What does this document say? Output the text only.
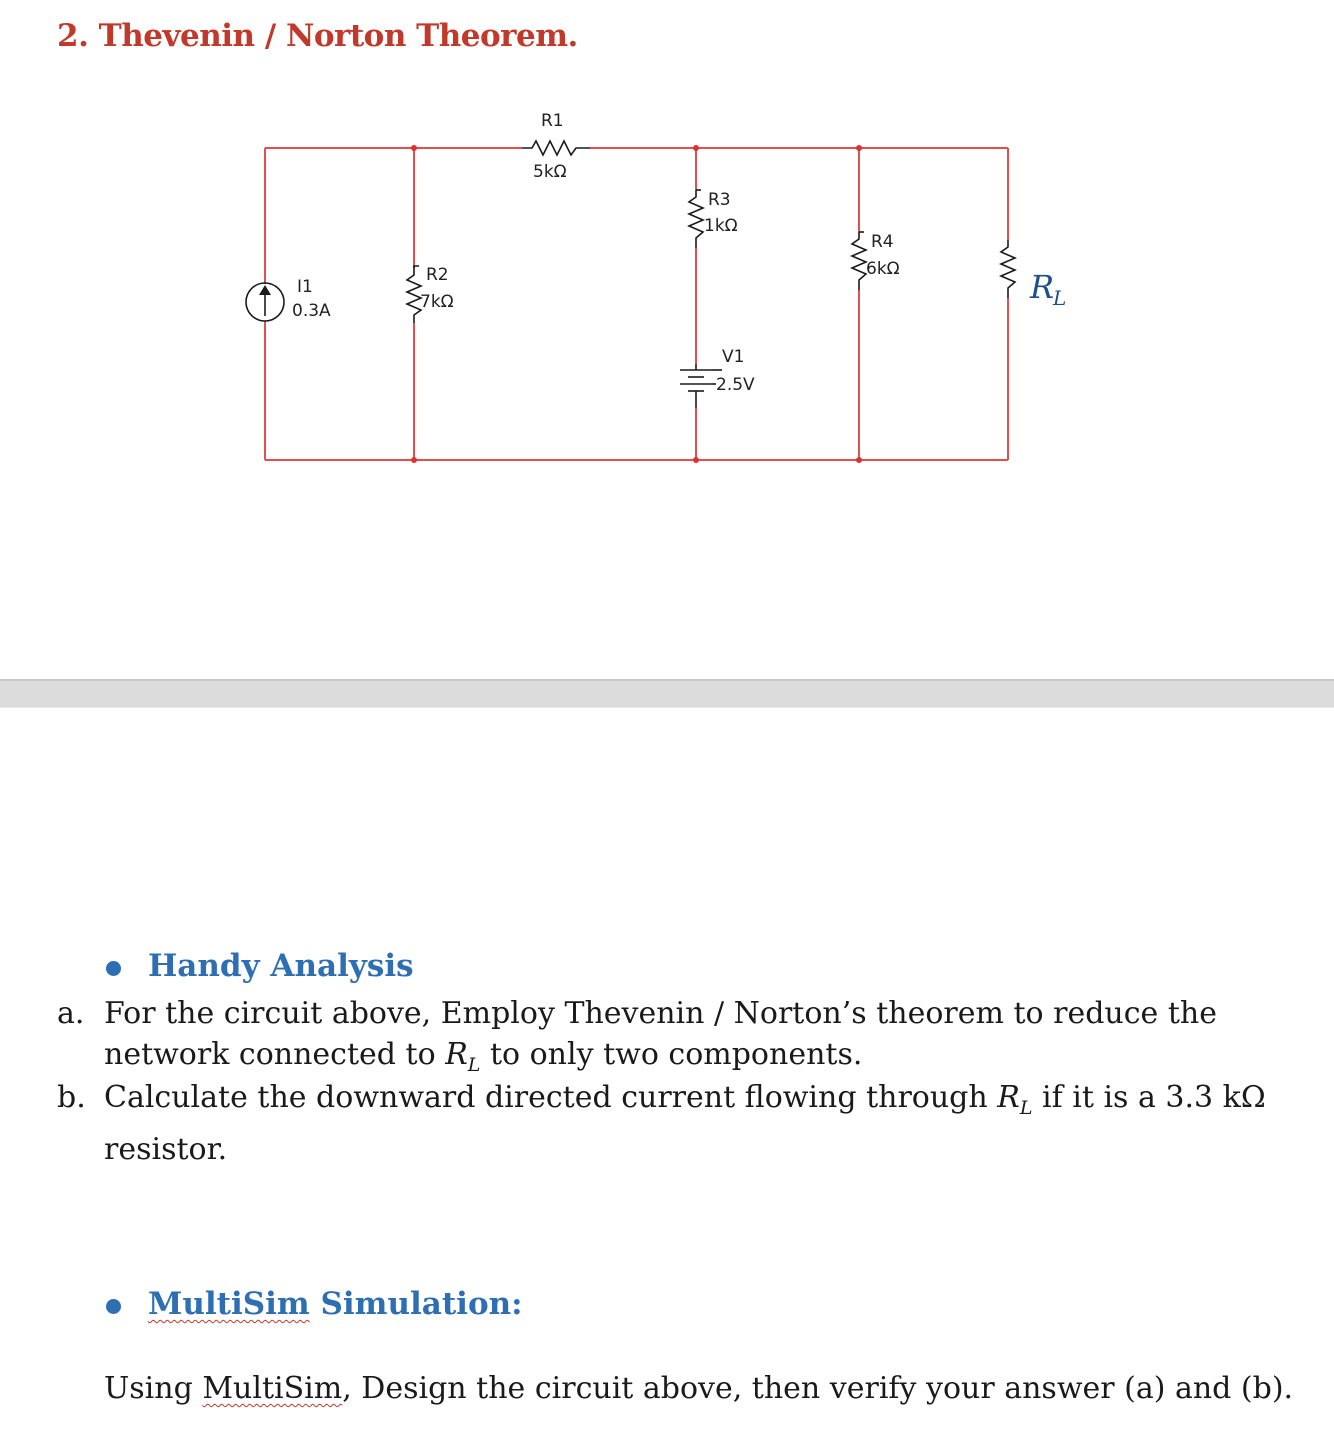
2. Thevenin / Norton Theorem.
I1
0.3A
R1
5kΩ
R2
7kΩ
R3
1kΩ
V1
2.5V
R4
6kΩ	R
L
Handy Analysis
a. For the circuit above, Employ Thevenin / Norton’s theorem to reduce the
network connected to $R_L$ to only two components.
b. Calculate the downward directed current flowing through $R_L$ if it is a 3.3 kΩ
resistor.
MultiSim Simulation:
Using MultiSim, Design the circuit above, then verify your answer (a) and (b).
